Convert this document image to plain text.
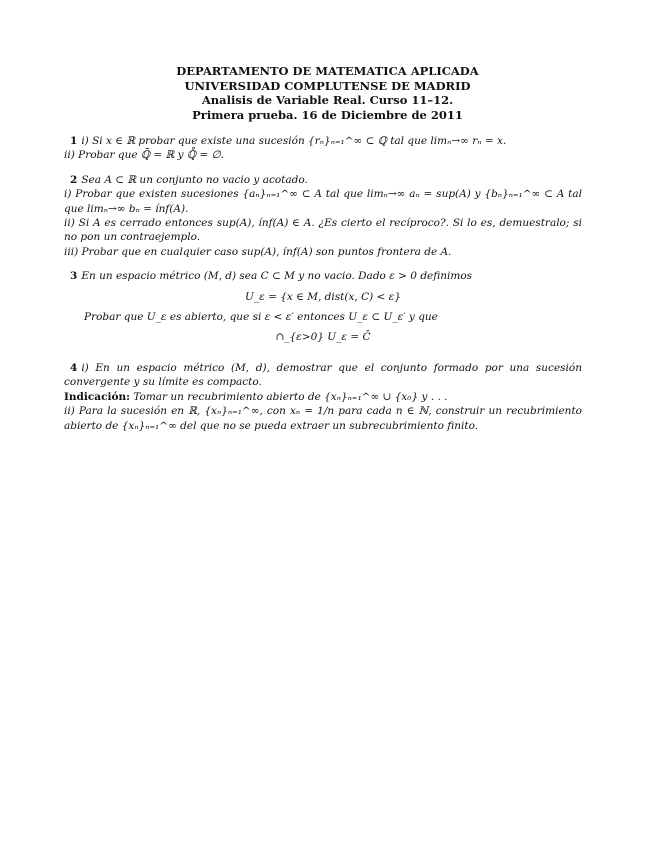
DEPARTAMENTO DE MATEMATICA APLICADA
UNIVERSIDAD COMPLUTENSE DE MADRID
Analisis de Variable Real. Curso 11–12.
Primera prueba. 16 de Diciembre de 2011

1 i) Si x ∈ ℝ probar que existe una sucesión {rₙ}ₙ₌₁^∞ ⊂ ℚ tal que limₙ→∞ rₙ = x.

ii) Probar que ℚ̄ = ℝ y ℚ̊ = ∅.

2 Sea A ⊂ ℝ un conjunto no vacio y acotado.

i) Probar que existen sucesiones {aₙ}ₙ₌₁^∞ ⊂ A tal que limₙ→∞ aₙ = sup(A) y {bₙ}ₙ₌₁^∞ ⊂ A tal que limₙ→∞ bₙ = ínf(A).

ii) Si A es cerrado entonces sup(A), ínf(A) ∈ A. ¿Es cierto el recíproco?. Si lo es, demuestralo; si no pon un contraejemplo.

iii) Probar que en cualquier caso sup(A), ínf(A) son puntos frontera de A.

3 En un espacio métrico (M, d) sea C ⊂ M y no vacio. Dado ε > 0 definimos

U_ε = {x ∈ M, dist(x, C) < ε}

Probar que U_ε es abierto, que si ε < ε′ entonces U_ε ⊂ U_ε′ y que

∩_{ε>0} U_ε = C̄

4 i) En un espacio métrico (M, d), demostrar que el conjunto formado por una sucesión convergente y su límite es compacto.

Indicación: Tomar un recubrimiento abierto de {xₙ}ₙ₌₁^∞ ∪ {x₀} y . . .

ii) Para la sucesión en ℝ, {xₙ}ₙ₌₁^∞, con xₙ = 1/n para cada n ∈ ℕ, construir un recubrimiento abierto de {xₙ}ₙ₌₁^∞ del que no se pueda extraer un subrecubrimiento finito.
